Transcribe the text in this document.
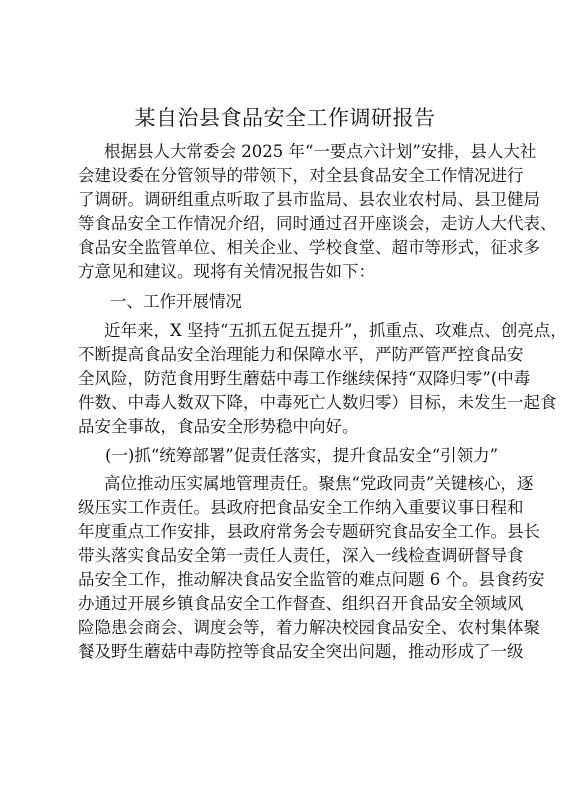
某自治县食品安全工作调研报告
根据县人大常委会 2025 年“一要点六计划”安排，县人大社
会建设委在分管领导的带领下，对全县食品安全工作情况进行
了调研。调研组重点听取了县市监局、县农业农村局、县卫健局
等食品安全工作情况介绍，同时通过召开座谈会，走访人大代表、
食品安全监管单位、相关企业、学校食堂、超市等形式，征求多
方意见和建议。现将有关情况报告如下：
一、工作开展情况
近年来，X 坚持“五抓五促五提升”，抓重点、攻难点、创亮点，
不断提高食品安全治理能力和保障水平，严防严管严控食品安
全风险，防范食用野生蘑菇中毒工作继续保持“双降归零”(中毒
件数、中毒人数双下降，中毒死亡人数归零）目标，未发生一起食
品安全事故，食品安全形势稳中向好。
(一)抓“统筹部署”促责任落实，提升食品安全“引领力”
高位推动压实属地管理责任。聚焦“党政同责”关键核心，逐
级压实工作责任。县政府把食品安全工作纳入重要议事日程和
年度重点工作安排，县政府常务会专题研究食品安全工作。县长
带头落实食品安全第一责任人责任，深入一线检查调研督导食
品安全工作，推动解决食品安全监管的难点问题 6 个。县食药安
办通过开展乡镇食品安全工作督查、组织召开食品安全领域风
险隐患会商会、调度会等，着力解决校园食品安全、农村集体聚
餐及野生蘑菇中毒防控等食品安全突出问题，推动形成了一级
